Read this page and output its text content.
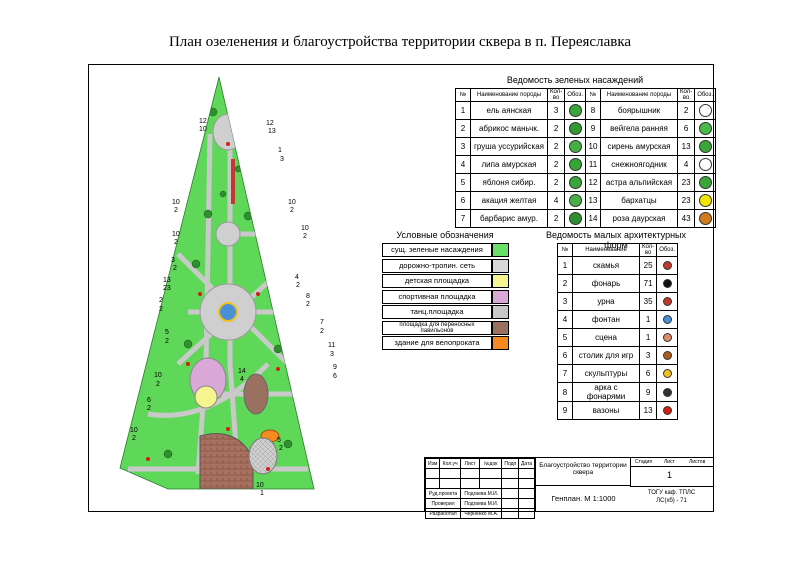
План озеленения и благоустройства территории сквера в п. Переяславка
12
10
12
13
1
3
10
2
10
2
10
2
10
2
3
2
13
23
4
2
2
2
8
2
7
2
5
2
11
3
14
4
9
6
10
2
6
2
10
2	5
2
10
1
Ведомость зеленых насаждений
№	Наименование породы	Кол-во	Обоз.	№	Наименование породы	Кол-во	Обоз.
1	ель аянская	3		8	боярышник	2	
2	абрикос маньчк.	2		9	вейгела ранняя	6	
3	груша уссурийская	2		10	сирень амурская	13	
4	липа амурская	2		11	снежноягодник	4	
5	яблоня сибир.	2		12	астра альпийская	23	
6	акация желтая	4		13	бархатцы	23	
7	барбарис амур.	2		14	роза даурская	43	
Условные обозначения
сущ. зеленые насаждения
дорожно-тропин. сеть
детская площадка
спортивная площадка
танц.площадка
площадка для переносных павильонов
здание для велопроката
Ведомость малых архитектурных форм
№	Наименование	Кол-во	Обоз.
1	скамья	25	
2	фонарь	71	
3	урна	35	
4	фонтан	1	
5	сцена	1	
6	столик для игр	3	
7	скульптуры	6	
8	арка с фонарями	9	
9	вазоны	13	
Изм	Кол.уч	Лист	№док	Подп	Дата

Руд.проекта		Подгаева М.И.			
Проверил		Подгаева М.И.			
Разработал		Черненко М.А.			
Благоустройство территории сквера
Генплан. М 1:1000
Стадия Лист	Листов
1
ТОГУ каф. ТПЛС
ЛС(хб) - 71
